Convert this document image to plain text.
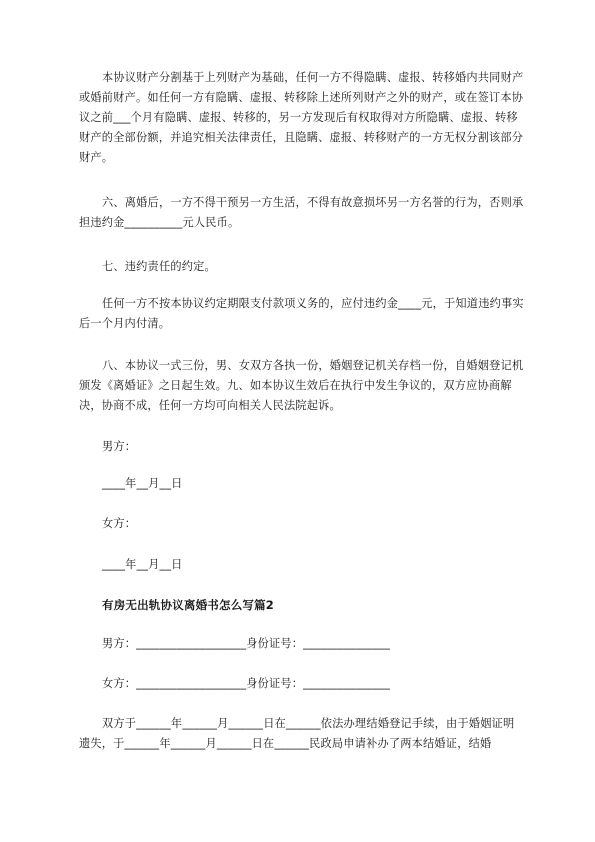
本协议财产分割基于上列财产为基础，任何一方不得隐瞒、虚报、转移婚内共同财产或婚前财产。如任何一方有隐瞒、虚报、转移除上述所列财产之外的财产，或在签订本协议之前___个月有隐瞒、虚报、转移的，另一方发现后有权取得对方所隐瞒、虚报、转移财产的全部份额，并追究相关法律责任，且隐瞒、虚报、转移财产的一方无权分割该部分财产。

六、离婚后，一方不得干预另一方生活，不得有故意损坏另一方名誉的行为，否则承担违约金__________元人民币。

七、违约责任的约定。

任何一方不按本协议约定期限支付款项义务的，应付违约金____元，于知道违约事实后一个月内付清。

八、本协议一式三份，男、女双方各执一份，婚姻登记机关存档一份，自婚姻登记机颁发《离婚证》之日起生效。九、如本协议生效后在执行中发生争议的，双方应协商解决，协商不成，任何一方均可向相关人民法院起诉。

男方：

____年__月__日

女方：

____年__月__日

有房无出轨协议离婚书怎么写篇2

男方：___________________身份证号：_______________

女方：___________________身份证号：_______________

双方于______年______月______日在______依法办理结婚登记手续，由于婚姻证明遗失，于______年______月______日在______民政局申请补办了两本结婚证，结婚
